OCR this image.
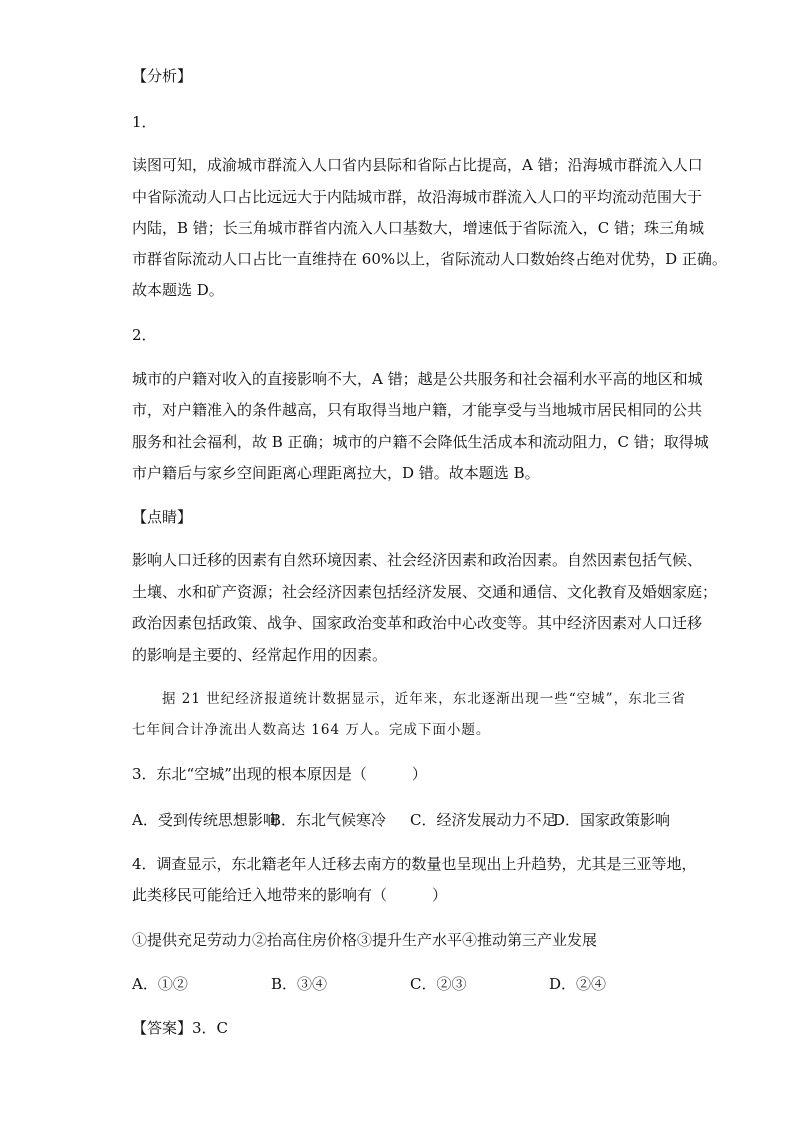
【分析】
1．
读图可知，成渝城市群流入人口省内县际和省际占比提高，A 错；沿海城市群流入人口
中省际流动人口占比远远大于内陆城市群，故沿海城市群流入人口的平均流动范围大于
内陆，B 错；长三角城市群省内流入人口基数大，增速低于省际流入，C 错；珠三角城
市群省际流动人口占比一直维持在 60%以上，省际流动人口数始终占绝对优势，D 正确。
故本题选 D。
2．
城市的户籍对收入的直接影响不大，A 错；越是公共服务和社会福利水平高的地区和城
市，对户籍准入的条件越高，只有取得当地户籍，才能享受与当地城市居民相同的公共
服务和社会福利，故 B 正确；城市的户籍不会降低生活成本和流动阻力，C 错；取得城
市户籍后与家乡空间距离心理距离拉大，D 错。故本题选 B。
【点睛】
影响人口迁移的因素有自然环境因素、社会经济因素和政治因素。自然因素包括气候、
土壤、水和矿产资源；社会经济因素包括经济发展、交通和通信、文化教育及婚姻家庭；
政治因素包括政策、战争、国家政治变革和政治中心改变等。其中经济因素对人口迁移
的影响是主要的、经常起作用的因素。
据 21 世纪经济报道统计数据显示，近年来，东北逐渐出现一些“空城”，东北三省
七年间合计净流出人数高达 164 万人。完成下面小题。
3．东北“空城”出现的根本原因是（　　　）
A．受到传统思想影响
B．东北气候寒冷 C．经济发展动力不足
D．国家政策影响
4．调查显示，东北籍老年人迁移去南方的数量也呈现出上升趋势，尤其是三亚等地，
此类移民可能给迁入地带来的影响有（　　　）
①提供充足劳动力②抬高住房价格③提升生产水平④推动第三产业发展
A．①②	B．③④	C．②③	D．②④
【答案】3．C
